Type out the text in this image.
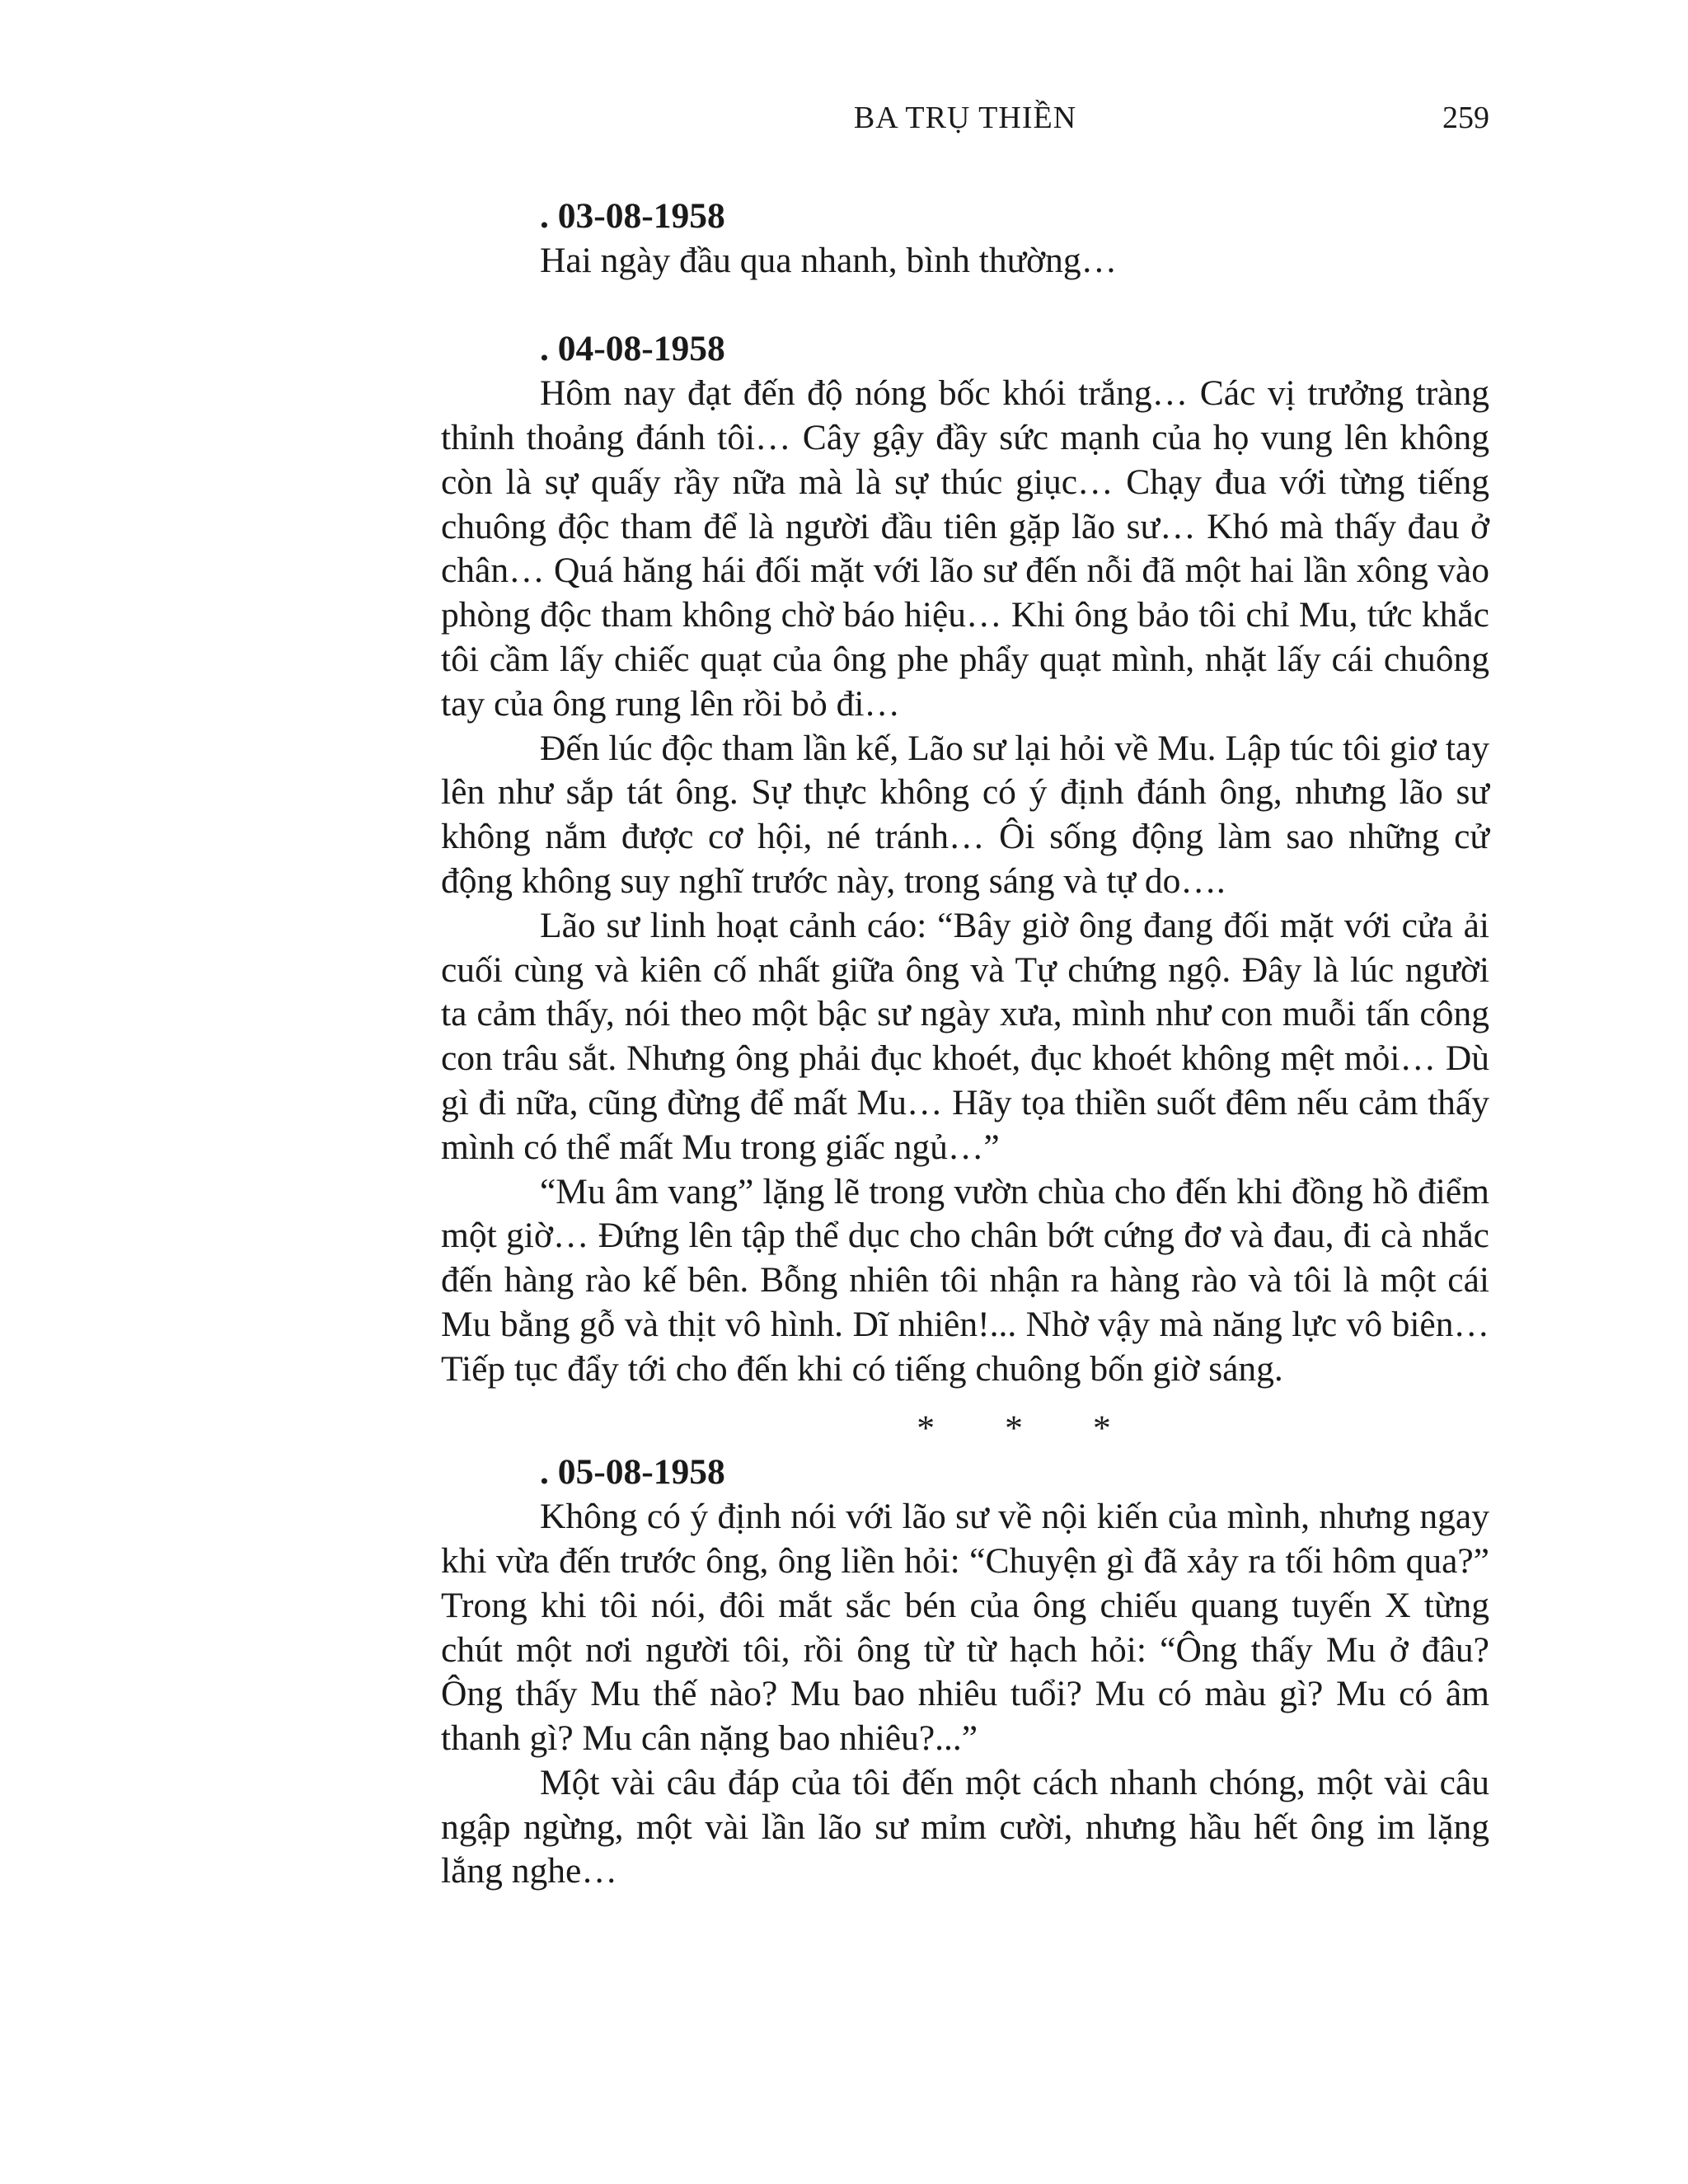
BA TRỤ THIỀN	259
. 03-08-1958

Hai ngày đầu qua nhanh, bình thường…

. 04-08-1958

Hôm nay đạt đến độ nóng bốc khói trắng… Các vị trưởng tràng thỉnh thoảng đánh tôi… Cây gậy đầy sức mạnh của họ vung lên không còn là sự quấy rầy nữa mà là sự thúc giục… Chạy đua với từng tiếng chuông độc tham để là người đầu tiên gặp lão sư… Khó mà thấy đau ở chân… Quá hăng hái đối mặt với lão sư đến nỗi đã một hai lần xông vào phòng độc tham không chờ báo hiệu… Khi ông bảo tôi chỉ Mu, tức khắc tôi cầm lấy chiếc quạt của ông phe phẩy quạt mình, nhặt lấy cái chuông tay của ông rung lên rồi bỏ đi…

Đến lúc độc tham lần kế, Lão sư lại hỏi về Mu. Lập túc tôi giơ tay lên như sắp tát ông. Sự thực không có ý định đánh ông, nhưng lão sư không nắm được cơ hội, né tránh… Ôi sống động làm sao những cử động không suy nghĩ trước này, trong sáng và tự do….

Lão sư linh hoạt cảnh cáo: “Bây giờ ông đang đối mặt với cửa ải cuối cùng và kiên cố nhất giữa ông và Tự chứng ngộ. Đây là lúc người ta cảm thấy, nói theo một bậc sư ngày xưa, mình như con muỗi tấn công con trâu sắt. Nhưng ông phải đục khoét, đục khoét không mệt mỏi… Dù gì đi nữa, cũng đừng để mất Mu… Hãy tọa thiền suốt đêm nếu cảm thấy mình có thể mất Mu trong giấc ngủ…”

“Mu âm vang” lặng lẽ trong vườn chùa cho đến khi đồng hồ điểm một giờ… Đứng lên tập thể dục cho chân bớt cứng đơ và đau, đi cà nhắc đến hàng rào kế bên. Bỗng nhiên tôi nhận ra hàng rào và tôi là một cái Mu bằng gỗ và thịt vô hình. Dĩ nhiên!... Nhờ vậy mà năng lực vô biên… Tiếp tục đẩy tới cho đến khi có tiếng chuông bốn giờ sáng.

* * *
. 05-08-1958

Không có ý định nói với lão sư về nội kiến của mình, nhưng ngay khi vừa đến trước ông, ông liền hỏi: “Chuyện gì đã xảy ra tối hôm qua?” Trong khi tôi nói, đôi mắt sắc bén của ông chiếu quang tuyến X từng chút một nơi người tôi, rồi ông từ từ hạch hỏi: “Ông thấy Mu ở đâu? Ông thấy Mu thế nào? Mu bao nhiêu tuổi? Mu có màu gì? Mu có âm thanh gì? Mu cân nặng bao nhiêu?...”

Một vài câu đáp của tôi đến một cách nhanh chóng, một vài câu ngập ngừng, một vài lần lão sư mỉm cười, nhưng hầu hết ông im lặng lắng nghe…
